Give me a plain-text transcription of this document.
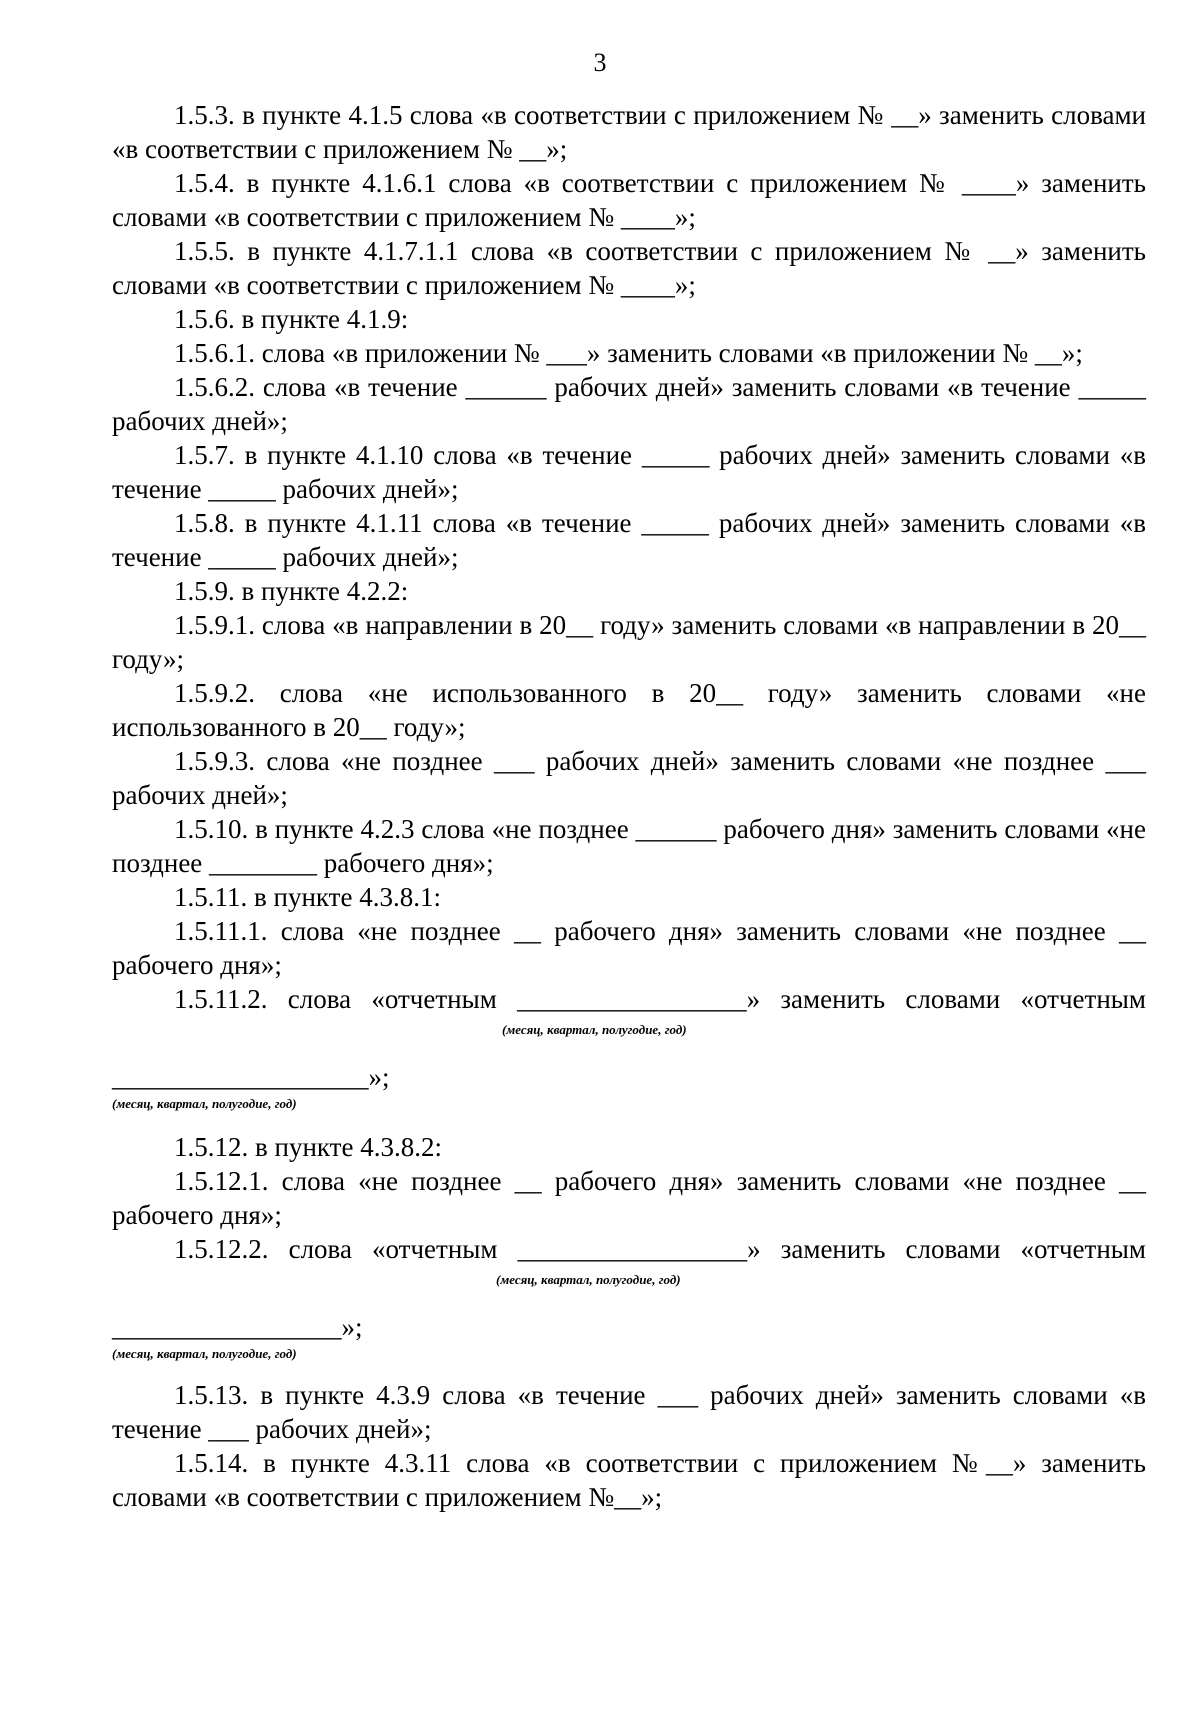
3
1.5.3. в пункте 4.1.5 слова «в соответствии с приложением № __» заменить словами «в соответствии с приложением № __»;
1.5.4. в пункте 4.1.6.1 слова «в соответствии с приложением № ____» заменить словами «в соответствии с приложением № ____»;
1.5.5. в пункте 4.1.7.1.1 слова «в соответствии с приложением № __» заменить словами «в соответствии с приложением № ____»;
1.5.6. в пункте 4.1.9:
1.5.6.1. слова «в приложении № ___» заменить словами «в приложении № __»;
1.5.6.2. слова «в течение ______ рабочих дней» заменить словами «в течение _____ рабочих дней»;
1.5.7. в пункте 4.1.10 слова «в течение _____ рабочих дней» заменить словами «в течение _____ рабочих дней»;
1.5.8. в пункте 4.1.11 слова «в течение _____ рабочих дней» заменить словами «в течение _____ рабочих дней»;
1.5.9. в пункте 4.2.2:
1.5.9.1. слова «в направлении в 20__ году» заменить словами «в направлении в 20__ году»;
1.5.9.2. слова «не использованного в 20__ году» заменить словами «не использованного в 20__ году»;
1.5.9.3. слова «не позднее ___ рабочих дней» заменить словами «не позднее ___ рабочих дней»;
1.5.10. в пункте 4.2.3 слова «не позднее ______ рабочего дня» заменить словами «не позднее ________ рабочего дня»;
1.5.11. в пункте 4.3.8.1:
1.5.11.1. слова «не позднее __ рабочего дня» заменить словами «не позднее __ рабочего дня»;
1.5.11.2. слова «отчетным _________________» заменить словами «отчетным
(месяц, квартал, полугодие, год)
___________________»;
(месяц, квартал, полугодие, год)
1.5.12. в пункте 4.3.8.2:
1.5.12.1. слова «не позднее __ рабочего дня» заменить словами «не позднее __ рабочего дня»;
1.5.12.2. слова «отчетным _________________» заменить словами «отчетным
(месяц, квартал, полугодие, год)
_________________»;
(месяц, квартал, полугодие, год)
1.5.13. в пункте 4.3.9 слова «в течение ___ рабочих дней» заменить словами «в течение ___ рабочих дней»;
1.5.14. в пункте 4.3.11 слова «в соответствии с приложением №__» заменить словами «в соответствии с приложением №__»;
